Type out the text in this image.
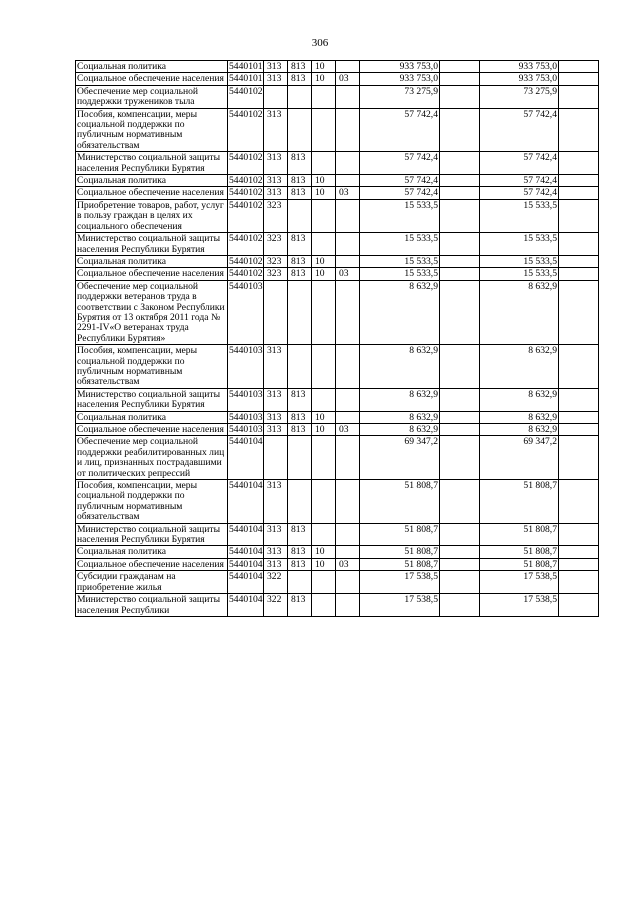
306
Социальная политика	5440101	313	813	10		933 753,0		933 753,0	
Социальное обеспечение населения	5440101	313	813	10	03	933 753,0		933 753,0	
Обеспечение мер социальной поддержки тружеников тыла	5440102					73 275,9		73 275,9	
Пособия, компенсации, меры социальной поддержки по публичным нормативным обязательствам	5440102	313				57 742,4		57 742,4	
Министерство социальной защиты населения Республики Бурятия	5440102	313	813			57 742,4		57 742,4	
Социальная политика	5440102	313	813	10		57 742,4		57 742,4	
Социальное обеспечение населения	5440102	313	813	10	03	57 742,4		57 742,4	
Приобретение товаров, работ, услуг в пользу граждан в целях их социального обеспечения	5440102	323				15 533,5		15 533,5	
Министерство социальной защиты населения Республики Бурятия	5440102	323	813			15 533,5		15 533,5	
Социальная политика	5440102	323	813	10		15 533,5		15 533,5	
Социальное обеспечение населения	5440102	323	813	10	03	15 533,5		15 533,5	
Обеспечение мер социальной поддержки ветеранов труда в соответствии с Законом Республики Бурятия от 13 октября 2011 года № 2291-IV«О ветеранах труда Республики Бурятия»	5440103					8 632,9		8 632,9	
Пособия, компенсации, меры социальной поддержки по публичным нормативным обязательствам	5440103	313				8 632,9		8 632,9	
Министерство социальной защиты населения Республики Бурятия	5440103	313	813			8 632,9		8 632,9	
Социальная политика	5440103	313	813	10		8 632,9		8 632,9	
Социальное обеспечение населения	5440103	313	813	10	03	8 632,9		8 632,9	
Обеспечение мер социальной поддержки реабилитированных лиц и лиц, признанных пострадавшими от политических репрессий	5440104					69 347,2		69 347,2	
Пособия, компенсации, меры социальной поддержки по публичным нормативным обязательствам	5440104	313				51 808,7		51 808,7	
Министерство социальной защиты населения Республики Бурятия	5440104	313	813			51 808,7		51 808,7	
Социальная политика	5440104	313	813	10		51 808,7		51 808,7	
Социальное обеспечение населения	5440104	313	813	10	03	51 808,7		51 808,7	
Субсидии гражданам на приобретение жилья	5440104	322				17 538,5		17 538,5	
Министерство социальной защиты населения Республики	5440104	322	813			17 538,5		17 538,5	
